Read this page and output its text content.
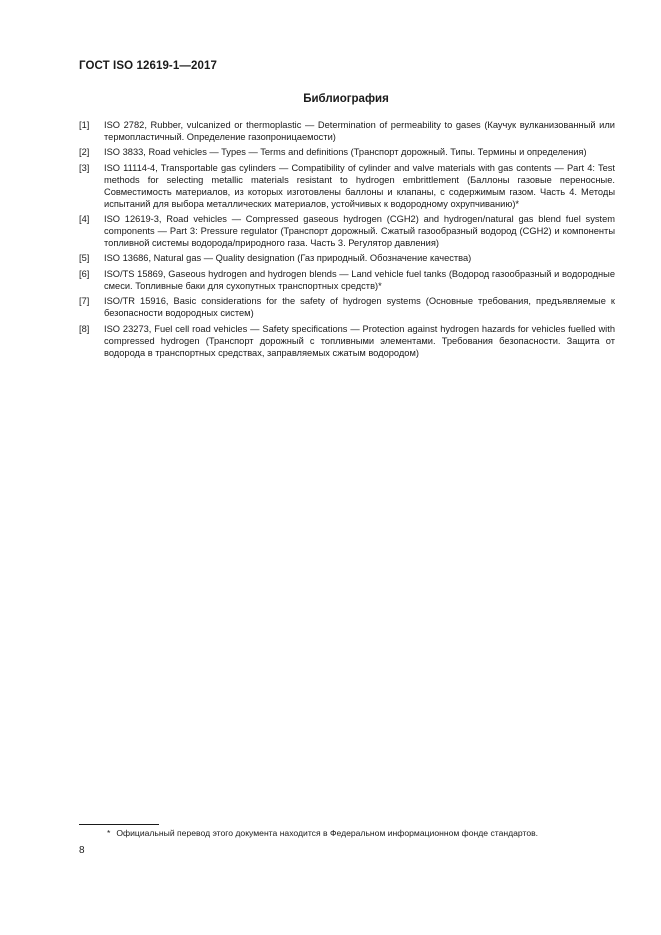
ГОСТ ISO 12619-1—2017
Библиография
[1]	ISO 2782, Rubber, vulcanized or thermoplastic — Determination of permeability to gases (Каучук вулканизованный или термопластичный. Определение газопроницаемости)
[2]	ISO 3833, Road vehicles — Types — Terms and definitions (Транспорт дорожный. Типы. Термины и определения)
[3]	ISO 11114-4, Transportable gas cylinders — Compatibility of cylinder and valve materials with gas contents — Part 4: Test methods for selecting metallic materials resistant to hydrogen embrittlement (Баллоны газовые переносные. Совместимость материалов, из которых изготовлены баллоны и клапаны, с содержимым газом. Часть 4. Методы испытаний для выбора металлических материалов, устойчивых к водородному охрупчиванию)*
[4]	ISO 12619-3, Road vehicles — Compressed gaseous hydrogen (CGH2) and hydrogen/natural gas blend fuel system components — Part 3: Pressure regulator (Транспорт дорожный. Сжатый газообразный водород (CGH2) и компоненты топливной системы водорода/природного газа. Часть 3. Регулятор давления)
[5]	ISO 13686, Natural gas — Quality designation (Газ природный. Обозначение качества)
[6]	ISO/TS 15869, Gaseous hydrogen and hydrogen blends — Land vehicle fuel tanks (Водород газообразный и водородные смеси. Топливные баки для сухопутных транспортных средств)*
[7]	ISO/TR 15916, Basic considerations for the safety of hydrogen systems (Основные требования, предъявляемые к безопасности водородных систем)
[8]	ISO 23273, Fuel cell road vehicles — Safety specifications — Protection against hydrogen hazards for vehicles fuelled with compressed hydrogen (Транспорт дорожный с топливными элементами. Требования безопасности. Защита от водорода в транспортных средствах, заправляемых сжатым водородом)
* Официальный перевод этого документа находится в Федеральном информационном фонде стандартов.
8
